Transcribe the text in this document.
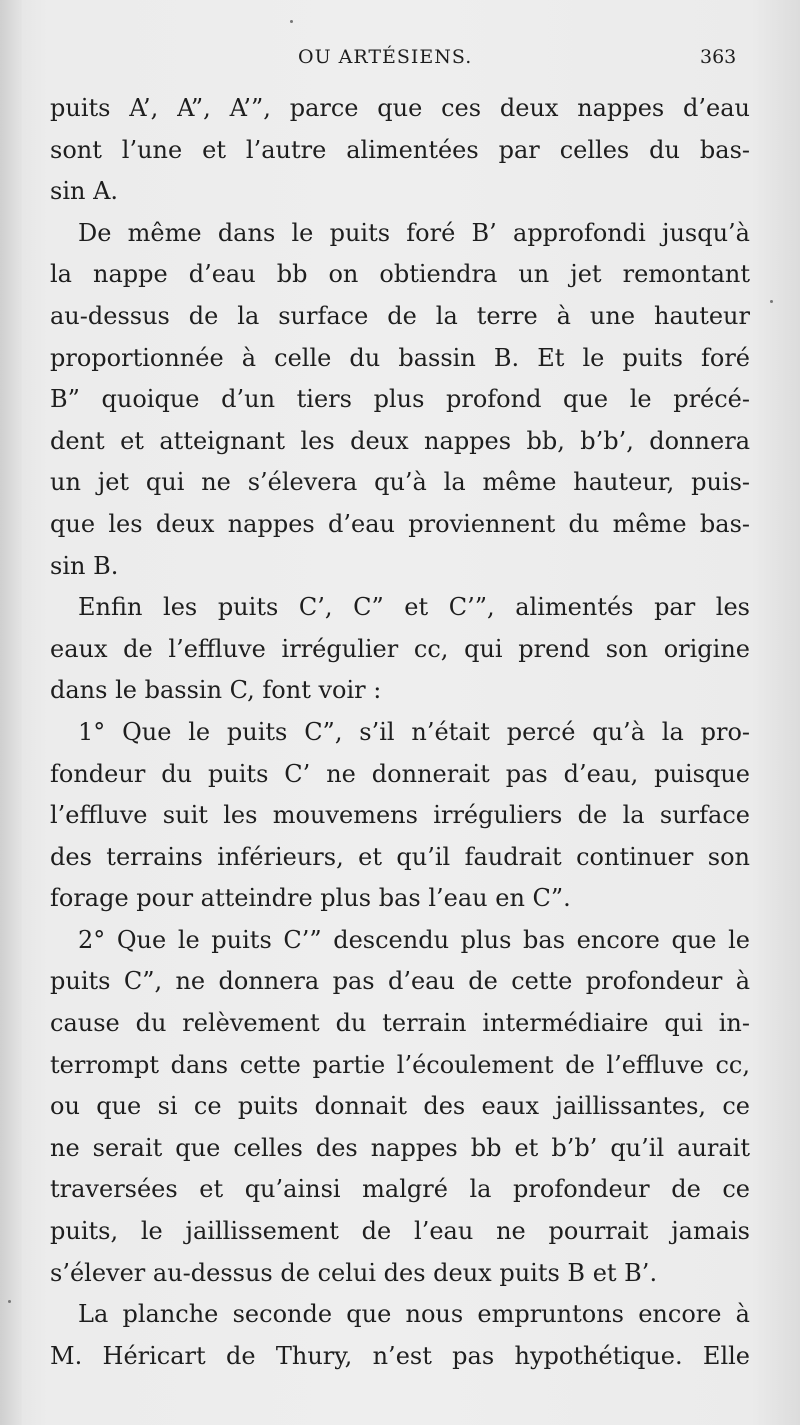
OU ARTÉSIENS.	363
puits A’, A”, A’”, parce que ces deux nappes d’eau
sont l’une et l’autre alimentées par celles du bas-
sin A.
De même dans le puits foré B’ approfondi jusqu’à
la nappe d’eau bb on obtiendra un jet remontant
au-dessus de la surface de la terre à une hauteur
proportionnée à celle du bassin B. Et le puits foré
B” quoique d’un tiers plus profond que le précé-
dent et atteignant les deux nappes bb, b’b’, donnera
un jet qui ne s’élevera qu’à la même hauteur, puis-
que les deux nappes d’eau proviennent du même bas-
sin B.
Enfin les puits C’, C” et C’”, alimentés par les
eaux de l’effluve irrégulier cc, qui prend son origine
dans le bassin C, font voir :
1° Que le puits C”, s’il n’était percé qu’à la pro-
fondeur du puits C’ ne donnerait pas d’eau, puisque
l’effluve suit les mouvemens irréguliers de la surface
des terrains inférieurs, et qu’il faudrait continuer son
forage pour atteindre plus bas l’eau en C”.
2° Que le puits C’” descendu plus bas encore que le
puits C”, ne donnera pas d’eau de cette profondeur à
cause du relèvement du terrain intermédiaire qui in-
terrompt dans cette partie l’écoulement de l’effluve cc,
ou que si ce puits donnait des eaux jaillissantes, ce
ne serait que celles des nappes bb et b’b’ qu’il aurait
traversées et qu’ainsi malgré la profondeur de ce
puits, le jaillissement de l’eau ne pourrait jamais
s’élever au-dessus de celui des deux puits B et B’.
La planche seconde que nous empruntons encore à
M. Héricart de Thury, n’est pas hypothétique. Elle
